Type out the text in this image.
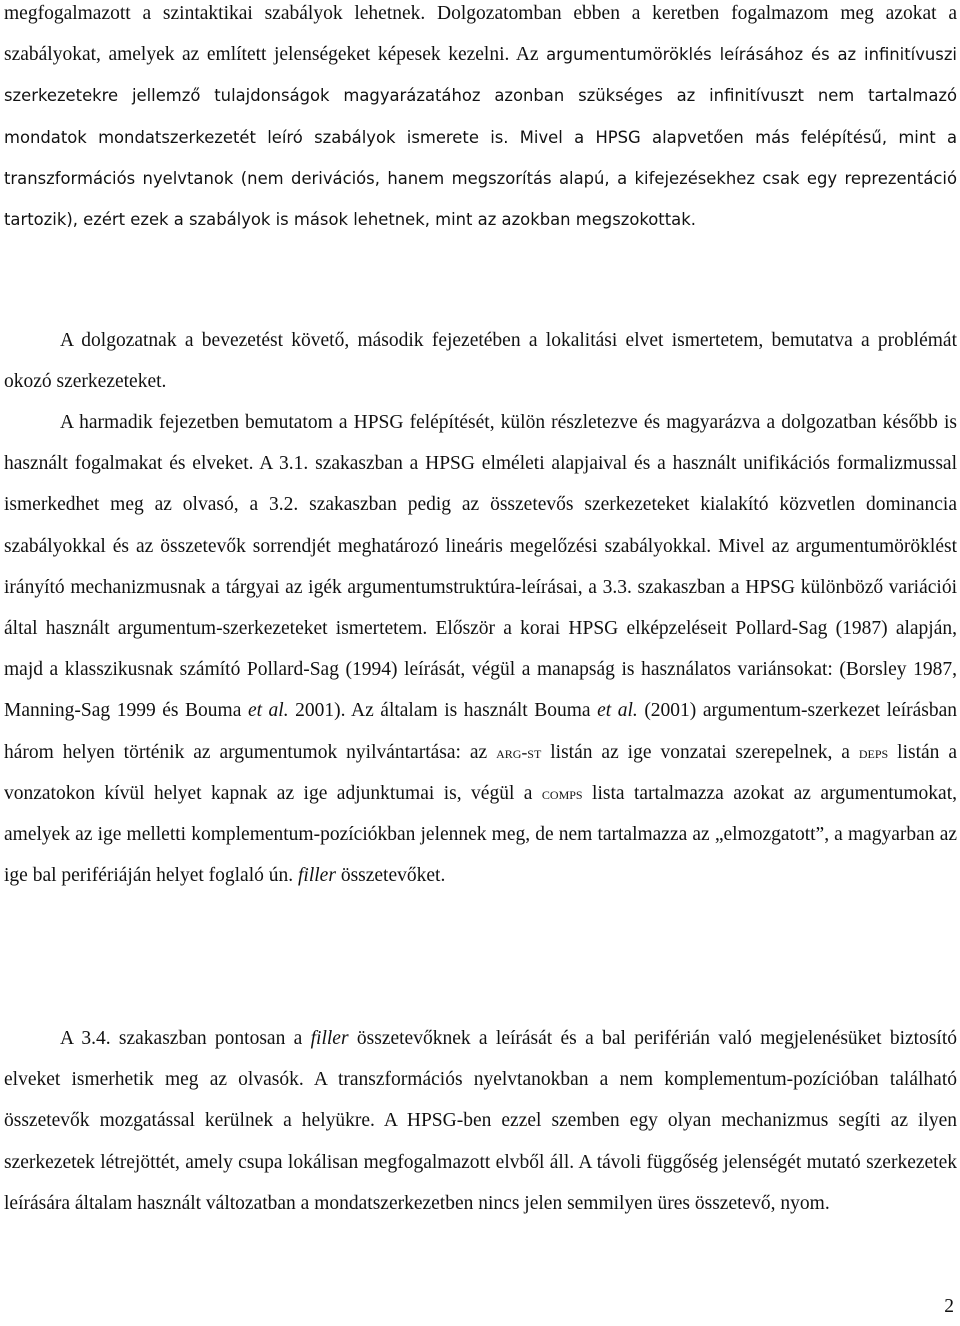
megfogalmazott a szintaktikai szabályok lehetnek. Dolgozatomban ebben a keretben fogalmazom meg azokat a szabályokat, amelyek az említett jelenségeket képesek kezelni. Az argumentumöröklés leírásához és az infinitívuszi szerkezetekre jellemző tulajdonságok magyarázatához azonban szükséges az infinitívuszt nem tartalmazó mondatok mondatszerkezetét leíró szabályok ismerete is. Mivel a HPSG alapvetően más felépítésű, mint a transzformációs nyelvtanok (nem derivációs, hanem megszorítás alapú, a kifejezésekhez csak egy reprezentáció tartozik), ezért ezek a szabályok is mások lehetnek, mint az azokban megszokottak.

A dolgozatnak a bevezetést követő, második fejezetében a lokalitási elvet ismertetem, bemutatva a problémát okozó szerkezeteket.

A harmadik fejezetben bemutatom a HPSG felépítését, külön részletezve és magyarázva a dolgozatban később is használt fogalmakat és elveket. A 3.1. szakaszban a HPSG elméleti alapjaival és a használt unifikációs formalizmussal ismerkedhet meg az olvasó, a 3.2. szakaszban pedig az összetevős szerkezeteket kialakító közvetlen dominancia szabályokkal és az összetevők sorrendjét meghatározó lineáris megelőzési szabályokkal. Mivel az argumentumöröklést irányító mechanizmusnak a tárgyai az igék argumentumstruktúra-leírásai, a 3.3. szakaszban a HPSG különböző variációi által használt argumentum-szerkezeteket ismertetem. Először a korai HPSG elképzeléseit Pollard-Sag (1987) alapján, majd a klasszikusnak számító Pollard-Sag (1994) leírását, végül a manapság is használatos variánsokat: (Borsley 1987, Manning-Sag 1999 és Bouma et al. 2001). Az általam is használt Bouma et al. (2001) argumentum-szerkezet leírásban három helyen történik az argumentumok nyilvántartása: az arg-st listán az ige vonzatai szerepelnek, a deps listán a vonzatokon kívül helyet kapnak az ige adjunktumai is, végül a comps lista tartalmazza azokat az argumentumokat, amelyek az ige melletti komplementum-pozíciókban jelennek meg, de nem tartalmazza az „elmozgatott”, a magyarban az ige bal perifériáján helyet foglaló ún. filler összetevőket.

A 3.4. szakaszban pontosan a filler összetevőknek a leírását és a bal periférián való megjelenésüket biztosító elveket ismerhetik meg az olvasók. A transzformációs nyelvtanokban a nem komplementum-pozícióban található összetevők mozgatással kerülnek a helyükre. A HPSG-ben ezzel szemben egy olyan mechanizmus segíti az ilyen szerkezetek létrejöttét, amely csupa lokálisan megfogalmazott elvből áll. A távoli függőség jelenségét mutató szerkezetek leírására általam használt változatban a mondatszerkezetben nincs jelen semmilyen üres összetevő, nyom.

2
